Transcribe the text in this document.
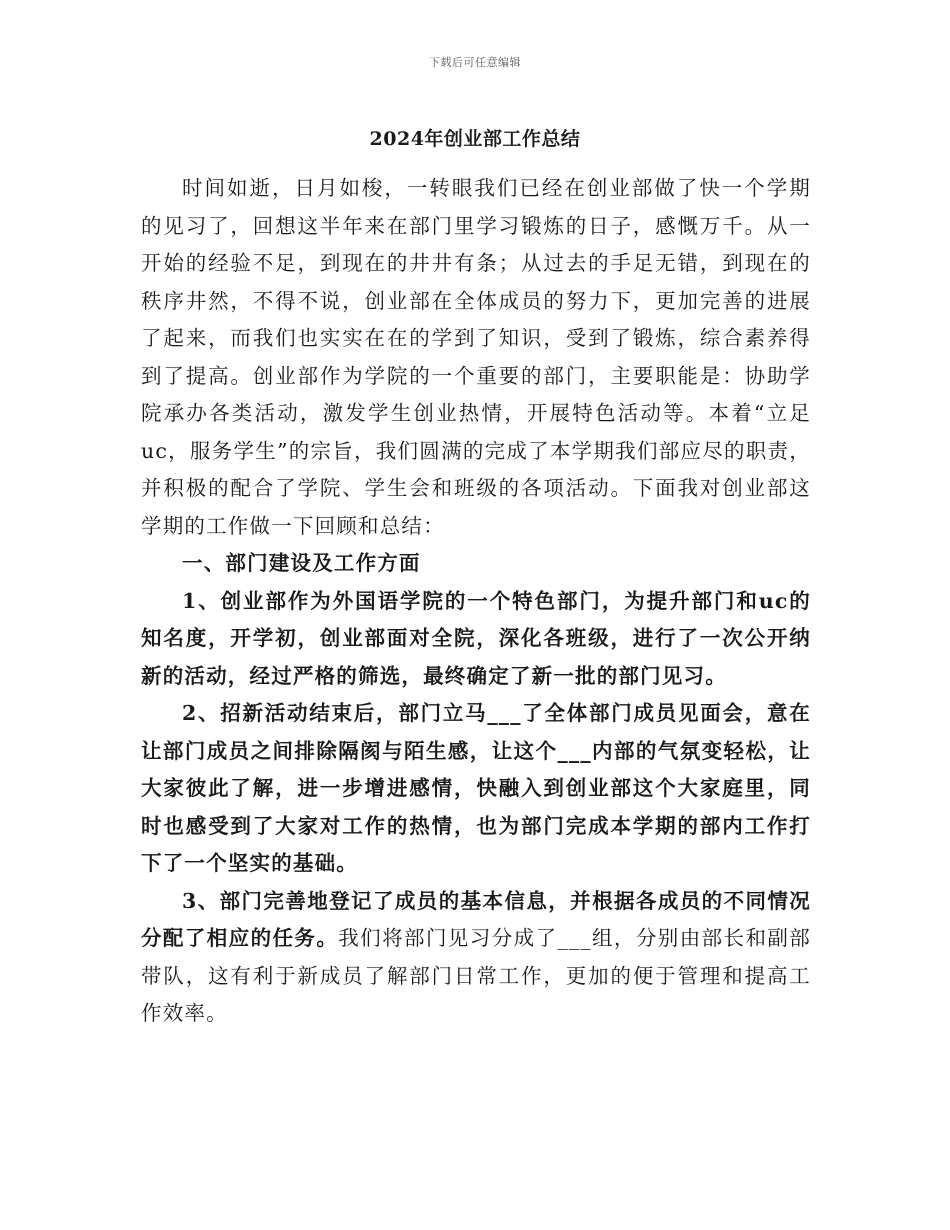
下载后可任意编辑
2024年创业部工作总结

时间如逝，日月如梭，一转眼我们已经在创业部做了快一个学期的见习了，回想这半年来在部门里学习锻炼的日子，感慨万千。从一开始的经验不足，到现在的井井有条；从过去的手足无错，到现在的秩序井然，不得不说，创业部在全体成员的努力下，更加完善的进展了起来，而我们也实实在在的学到了知识，受到了锻炼，综合素养得到了提高。创业部作为学院的一个重要的部门，主要职能是：协助学院承办各类活动，激发学生创业热情，开展特色活动等。本着“立足uc，服务学生”的宗旨，我们圆满的完成了本学期我们部应尽的职责，并积极的配合了学院、学生会和班级的各项活动。下面我对创业部这学期的工作做一下回顾和总结：

一、部门建设及工作方面

1、创业部作为外国语学院的一个特色部门，为提升部门和uc的知名度，开学初，创业部面对全院，深化各班级，进行了一次公开纳新的活动，经过严格的筛选，最终确定了新一批的部门见习。

2、招新活动结束后，部门立马___了全体部门成员见面会，意在让部门成员之间排除隔阂与陌生感，让这个___内部的气氛变轻松，让大家彼此了解，进一步增进感情，快融入到创业部这个大家庭里，同时也感受到了大家对工作的热情，也为部门完成本学期的部内工作打下了一个坚实的基础。

3、部门完善地登记了成员的基本信息，并根据各成员的不同情况分配了相应的任务。我们将部门见习分成了___组，分别由部长和副部带队，这有利于新成员了解部门日常工作，更加的便于管理和提高工作效率。
